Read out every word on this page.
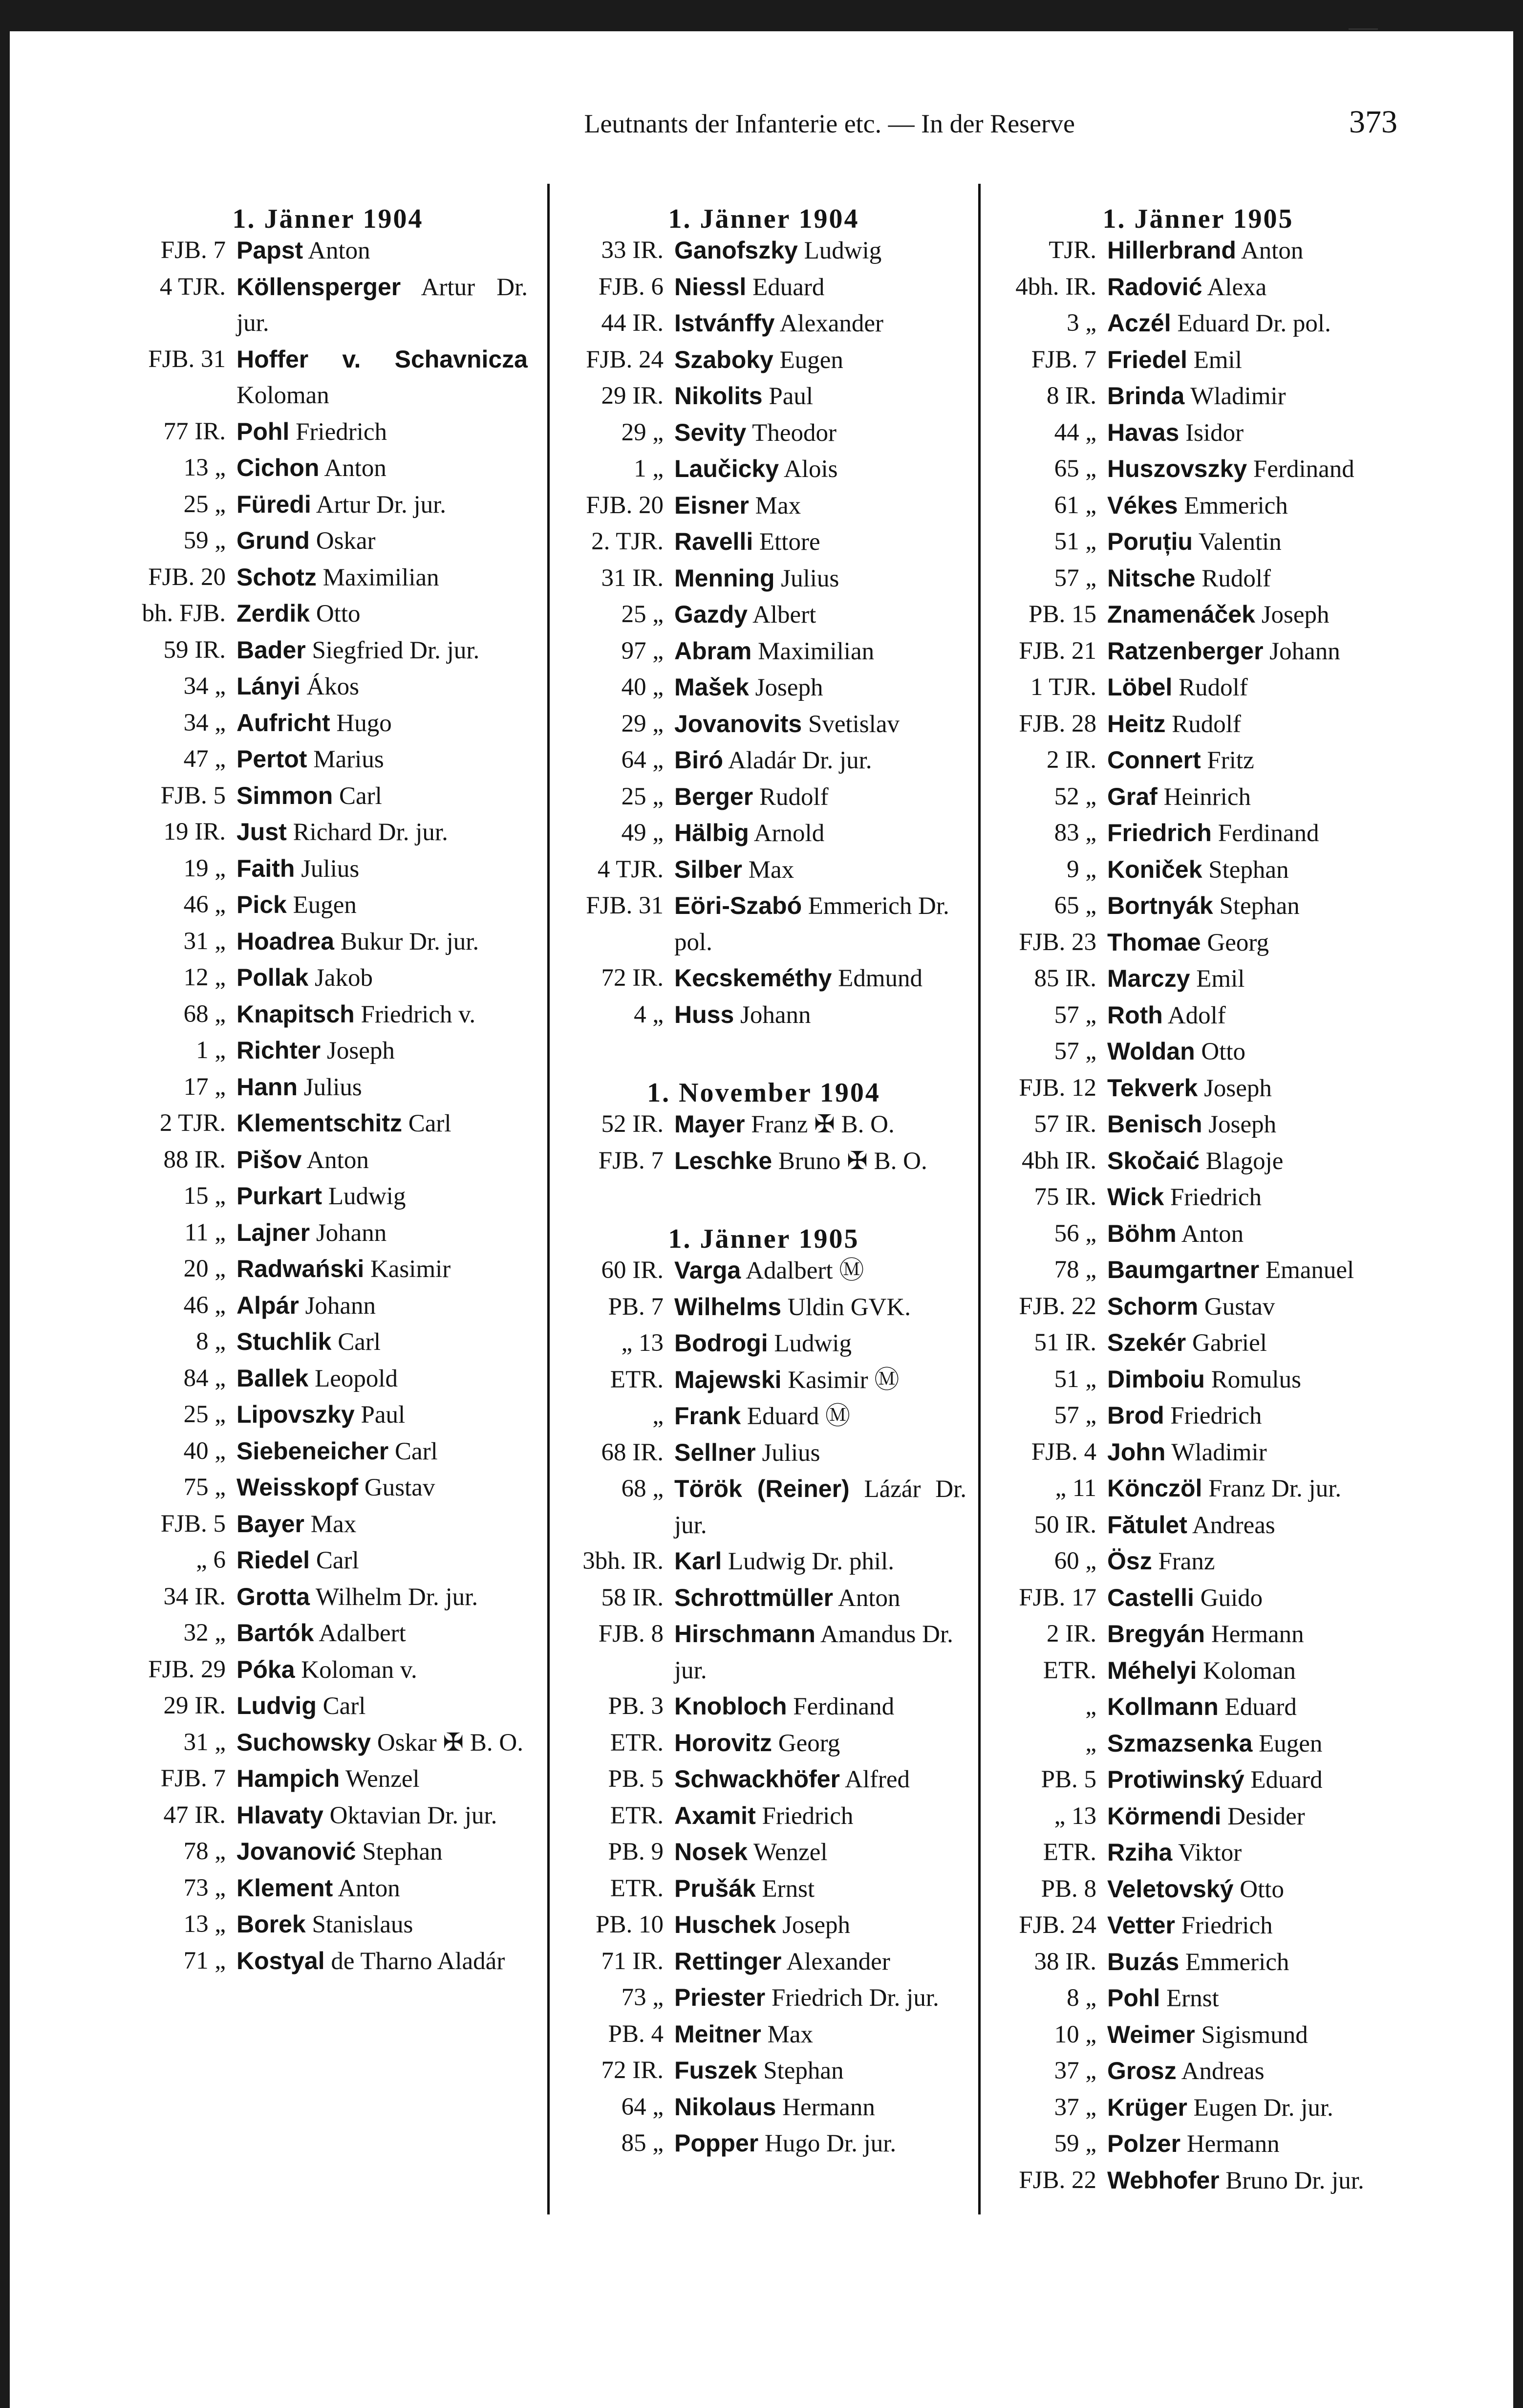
Leutnants der Infanterie etc. — In der Reserve	373
1. Jänner 1904
FJB. 7 Papst Anton
4 TJR. Köllensperger Artur Dr. jur.
FJB. 31 Hoffer v. Schavnicza Koloman
77 IR. Pohl Friedrich
13 „ Cichon Anton
25 „ Füredi Artur Dr. jur.
59 „ Grund Oskar
FJB. 20 Schotz Maximilian
bh. FJB. Zerdik Otto
59 IR. Bader Siegfried Dr. jur.
34 „ Lányi Ákos
34 „ Aufricht Hugo
47 „ Pertot Marius
FJB. 5 Simmon Carl
19 IR. Just Richard Dr. jur.
19 „ Faith Julius
46 „ Pick Eugen
31 „ Hoadrea Bukur Dr. jur.
12 „ Pollak Jakob
68 „ Knapitsch Friedrich v.
1 „ Richter Joseph
17 „ Hann Julius
2 TJR. Klementschitz Carl
88 IR. Pišov Anton
15 „ Purkart Ludwig
11 „ Lajner Johann
20 „ Radwański Kasimir
46 „ Alpár Johann
8 „ Stuchlik Carl
84 „ Ballek Leopold
25 „ Lipovszky Paul
40 „ Siebeneicher Carl
75 „ Weisskopf Gustav
FJB. 5 Bayer Max
„ 6 Riedel Carl
34 IR. Grotta Wilhelm Dr. jur.
32 „ Bartók Adalbert
FJB. 29 Póka Koloman v.
29 IR. Ludvig Carl
31 „ Suchowsky Oskar ✠ B. O.
FJB. 7 Hampich Wenzel
47 IR. Hlavaty Oktavian Dr. jur.
78 „ Jovanović Stephan
73 „ Klement Anton
13 „ Borek Stanislaus
71 „ Kostyal de Tharno Aladár
1. Jänner 1904
33 IR. Ganofszky Ludwig
FJB. 6 Niessl Eduard
44 IR. Istvánffy Alexander
FJB. 24 Szaboky Eugen
29 IR. Nikolits Paul
29 „ Sevity Theodor
1 „ Laučicky Alois
FJB. 20 Eisner Max
2. TJR. Ravelli Ettore
31 IR. Menning Julius
25 „ Gazdy Albert
97 „ Abram Maximilian
40 „ Mašek Joseph
29 „ Jovanovits Svetislav
64 „ Biró Aladár Dr. jur.
25 „ Berger Rudolf
49 „ Hälbig Arnold
4 TJR. Silber Max
FJB. 31 Eöri-Szabó Emmerich Dr. pol.
72 IR. Kecskeméthy Edmund
4 „ Huss Johann
1. November 1904
52 IR. Mayer Franz ✠ B. O.
FJB. 7 Leschke Bruno ✠ B. O.
1. Jänner 1905
60 IR. Varga Adalbert Ⓜ
PB. 7 Wilhelms Uldin GVK.
„ 13 Bodrogi Ludwig
ETR. Majewski Kasimir Ⓜ
„ Frank Eduard Ⓜ
68 IR. Sellner Julius
68 „ Török (Reiner) Lázár Dr. jur.
3bh. IR. Karl Ludwig Dr. phil.
58 IR. Schrottmüller Anton
FJB. 8 Hirschmann Amandus Dr. jur.
PB. 3 Knobloch Ferdinand
ETR. Horovitz Georg
PB. 5 Schwackhöfer Alfred
ETR. Axamit Friedrich
PB. 9 Nosek Wenzel
ETR. Prušák Ernst
PB. 10 Huschek Joseph
71 IR. Rettinger Alexander
73 „ Priester Friedrich Dr. jur.
PB. 4 Meitner Max
72 IR. Fuszek Stephan
64 „ Nikolaus Hermann
85 „ Popper Hugo Dr. jur.
1. Jänner 1905
TJR. Hillerbrand Anton
4bh. IR. Radović Alexa
3 „ Aczél Eduard Dr. pol.
FJB. 7 Friedel Emil
8 IR. Brinda Wladimir
44 „ Havas Isidor
65 „ Huszovszky Ferdinand
61 „ Vékes Emmerich
51 „ Poruțiu Valentin
57 „ Nitsche Rudolf
PB. 15 Znamenáček Joseph
FJB. 21 Ratzenberger Johann
1 TJR. Löbel Rudolf
FJB. 28 Heitz Rudolf
2 IR. Connert Fritz
52 „ Graf Heinrich
83 „ Friedrich Ferdinand
9 „ Koniček Stephan
65 „ Bortnyák Stephan
FJB. 23 Thomae Georg
85 IR. Marczy Emil
57 „ Roth Adolf
57 „ Woldan Otto
FJB. 12 Tekverk Joseph
57 IR. Benisch Joseph
4bh IR. Skočaić Blagoje
75 IR. Wick Friedrich
56 „ Böhm Anton
78 „ Baumgartner Emanuel
FJB. 22 Schorm Gustav
51 IR. Szekér Gabriel
51 „ Dimboiu Romulus
57 „ Brod Friedrich
FJB. 4 John Wladimir
„ 11 Könczöl Franz Dr. jur.
50 IR. Fătulet Andreas
60 „ Ösz Franz
FJB. 17 Castelli Guido
2 IR. Bregyán Hermann
ETR. Méhelyi Koloman
„ Kollmann Eduard
„ Szmazsenka Eugen
PB. 5 Protiwinský Eduard
„ 13 Körmendi Desider
ETR. Rziha Viktor
PB. 8 Veletovský Otto
FJB. 24 Vetter Friedrich
38 IR. Buzás Emmerich
8 „ Pohl Ernst
10 „ Weimer Sigismund
37 „ Grosz Andreas
37 „ Krüger Eugen Dr. jur.
59 „ Polzer Hermann
FJB. 22 Webhofer Bruno Dr. jur.
